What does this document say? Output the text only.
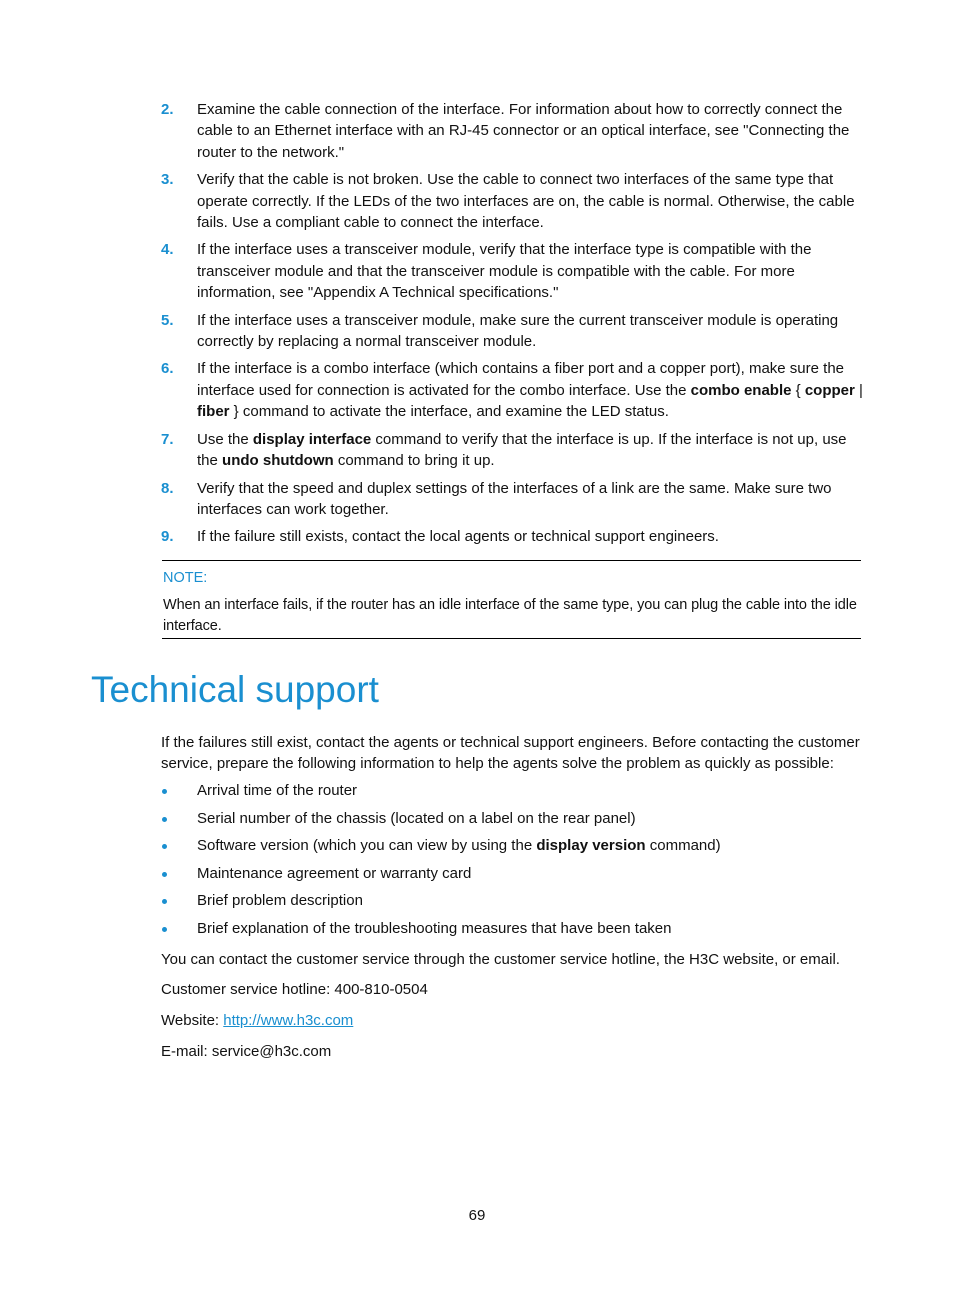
2. Examine the cable connection of the interface. For information about how to correctly connect the cable to an Ethernet interface with an RJ-45 connector or an optical interface, see "Connecting the router to the network."
3. Verify that the cable is not broken. Use the cable to connect two interfaces of the same type that operate correctly. If the LEDs of the two interfaces are on, the cable is normal. Otherwise, the cable fails. Use a compliant cable to connect the interface.
4. If the interface uses a transceiver module, verify that the interface type is compatible with the transceiver module and that the transceiver module is compatible with the cable. For more information, see "Appendix A Technical specifications."
5. If the interface uses a transceiver module, make sure the current transceiver module is operating correctly by replacing a normal transceiver module.
6. If the interface is a combo interface (which contains a fiber port and a copper port), make sure the interface used for connection is activated for the combo interface. Use the combo enable { copper | fiber } command to activate the interface, and examine the LED status.
7. Use the display interface command to verify that the interface is up. If the interface is not up, use the undo shutdown command to bring it up.
8. Verify that the speed and duplex settings of the interfaces of a link are the same. Make sure two interfaces can work together.
9. If the failure still exists, contact the local agents or technical support engineers.
NOTE:
When an interface fails, if the router has an idle interface of the same type, you can plug the cable into the idle interface.
Technical support

If the failures still exist, contact the agents or technical support engineers. Before contacting the customer service, prepare the following information to help the agents solve the problem as quickly as possible:

Arrival time of the router
Serial number of the chassis (located on a label on the rear panel)
Software version (which you can view by using the display version command)
Maintenance agreement or warranty card
Brief problem description
Brief explanation of the troubleshooting measures that have been taken

You can contact the customer service through the customer service hotline, the H3C website, or email.

Customer service hotline: 400-810-0504

Website: http://www.h3c.com

E-mail: service@h3c.com

69
